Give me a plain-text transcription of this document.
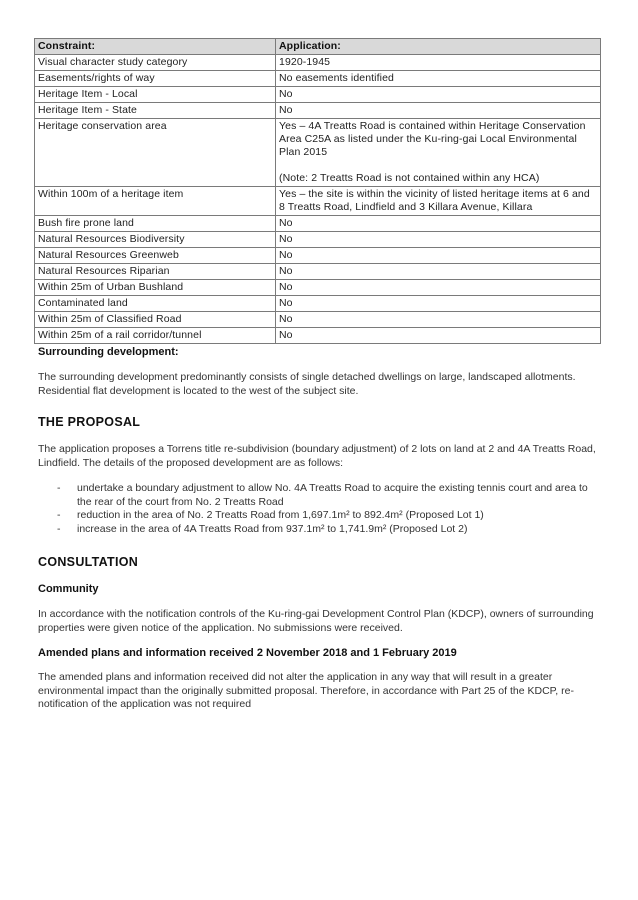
Constraint:	Application:
Visual character study category	1920-1945
Easements/rights of way	No easements identified
Heritage Item - Local	No
Heritage Item - State	No
Heritage conservation area	Yes – 4A Treatts Road is contained within Heritage Conservation Area C25A as listed under the Ku-ring-gai Local Environmental Plan 2015
(Note: 2 Treatts Road is not contained within any HCA)

Within 100m of a heritage item	Yes – the site is within the vicinity of listed heritage items at 6 and 8 Treatts Road, Lindfield and 3 Killara Avenue, Killara
Bush fire prone land	No
Natural Resources Biodiversity	No
Natural Resources Greenweb	No
Natural Resources Riparian	No
Within 25m of Urban Bushland	No
Contaminated land	No
Within 25m of Classified Road	No
Within 25m of a rail corridor/tunnel	No
Surrounding development:
The surrounding development predominantly consists of single detached dwellings on large, landscaped allotments. Residential flat development is located to the west of the subject site.
THE PROPOSAL
The application proposes a Torrens title re-subdivision (boundary adjustment) of 2 lots on land at 2 and 4A Treatts Road, Lindfield. The details of the proposed development are as follows:
- undertake a boundary adjustment to allow No. 4A Treatts Road to acquire the existing tennis court and area to the rear of the court from No. 2 Treatts Road
- reduction in the area of No. 2 Treatts Road from 1,697.1m² to 892.4m² (Proposed Lot 1)
- increase in the area of 4A Treatts Road from 937.1m² to 1,741.9m² (Proposed Lot 2)
CONSULTATION
Community
In accordance with the notification controls of the Ku-ring-gai Development Control Plan (KDCP), owners of surrounding properties were given notice of the application. No submissions were received.
Amended plans and information received 2 November 2018 and 1 February 2019
The amended plans and information received did not alter the application in any way that will result in a greater environmental impact than the originally submitted proposal. Therefore, in accordance with Part 25 of the KDCP, re-notification of the application was not required
